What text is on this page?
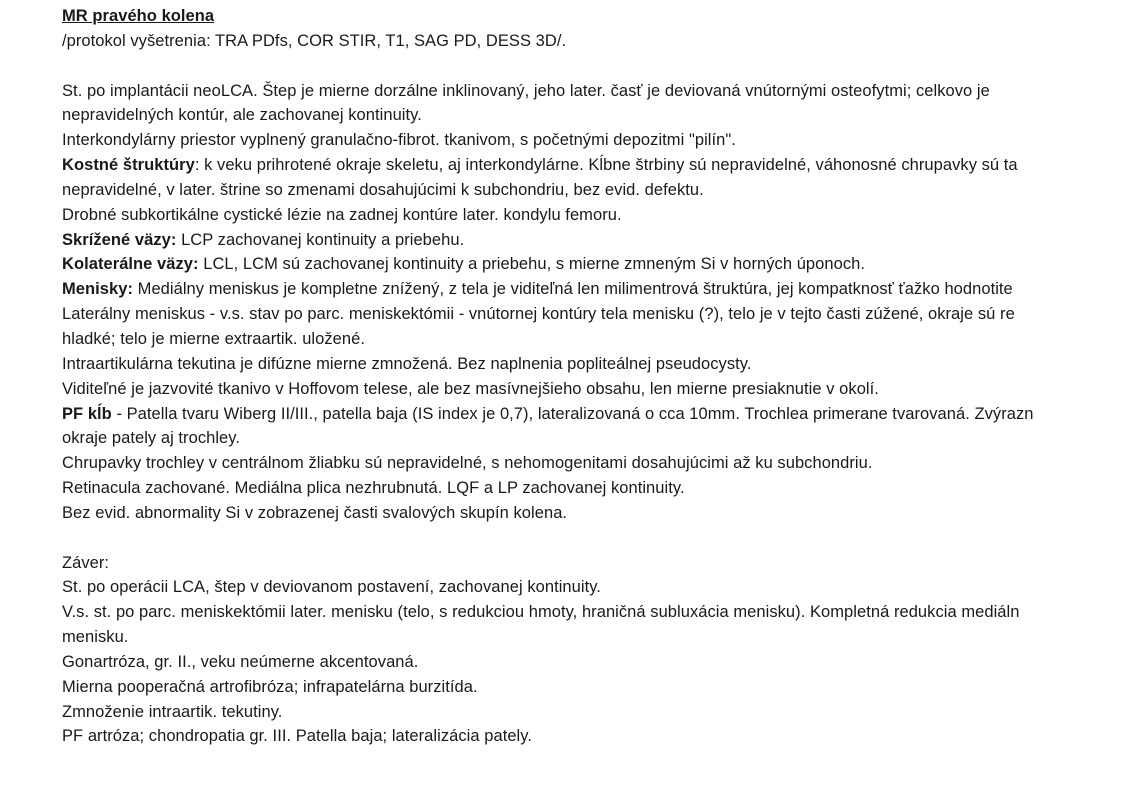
MR pravého kolena
/protokol vyšetrenia: TRA PDfs, COR STIR, T1, SAG PD, DESS 3D/.
St. po implantácii neoLCA. Štep je mierne dorzálne inklinovaný, jeho later. časť je deviovaná vnútornými osteofytmi; celkovo je
nepravidelných kontúr, ale zachovanej kontinuity.
Interkondylárny priestor vyplnený granulačno-fibrot. tkanivom, s početnými depozitmi "pilín".
Kostné štruktúry: k veku prihrotené okraje skeletu, aj interkondylárne. Kĺbne štrbiny sú nepravidelné, váhonosné chrupavky sú ta
nepravidelné, v later. štrine so zmenami dosahujúcimi k subchondriu, bez evid. defektu.
Drobné subkortikálne cystické lézie na zadnej kontúre later. kondylu femoru.
Skrížené väzy: LCP zachovanej kontinuity a priebehu.
Kolaterálne väzy: LCL, LCM sú zachovanej kontinuity a priebehu, s mierne zmneným Si v horných úponoch.
Menisky: Mediálny meniskus je kompletne znížený, z tela je viditeľná len milimentrová štruktúra, jej kompatknosť ťažko hodnotite
Laterálny meniskus - v.s. stav po parc. meniskektómii - vnútornej kontúry tela menisku (?), telo je v tejto časti zúžené, okraje sú re
hladké; telo je mierne extraartik. uložené.
Intraartikulárna tekutina je difúzne mierne zmnožená. Bez naplnenia popliteálnej pseudocysty.
Viditeľné je jazvovité tkanivo v Hoffovom telese, ale bez masívnejšieho obsahu, len mierne presiaknutie v okolí.
PF kĺb - Patella tvaru Wiberg II/III., patella baja (IS index je 0,7), lateralizovaná o cca 10mm. Trochlea primerane tvarovaná. Zvýrazn
okraje pately aj trochley.
Chrupavky trochley v centrálnom žliabku sú nepravidelné, s nehomogenitami dosahujúcimi až ku subchondriu.
Retinacula zachované. Mediálna plica nezhrubnutá. LQF a LP zachovanej kontinuity.
Bez evid. abnormality Si v zobrazenej časti svalových skupín kolena.
Záver:
St. po operácii LCA, štep v deviovanom postavení, zachovanej kontinuity.
V.s. st. po parc. meniskektómii later. menisku (telo, s redukciou hmoty, hraničná subluxácia menisku). Kompletná redukcia mediáln
menisku.
Gonartróza, gr. II., veku neúmerne akcentovaná.
Mierna pooperačná artrofibróza; infrapatelárna burzitída.
Zmnoženie intraartik. tekutiny.
PF artróza; chondropatia gr. III. Patella baja; lateralizácia pately.
